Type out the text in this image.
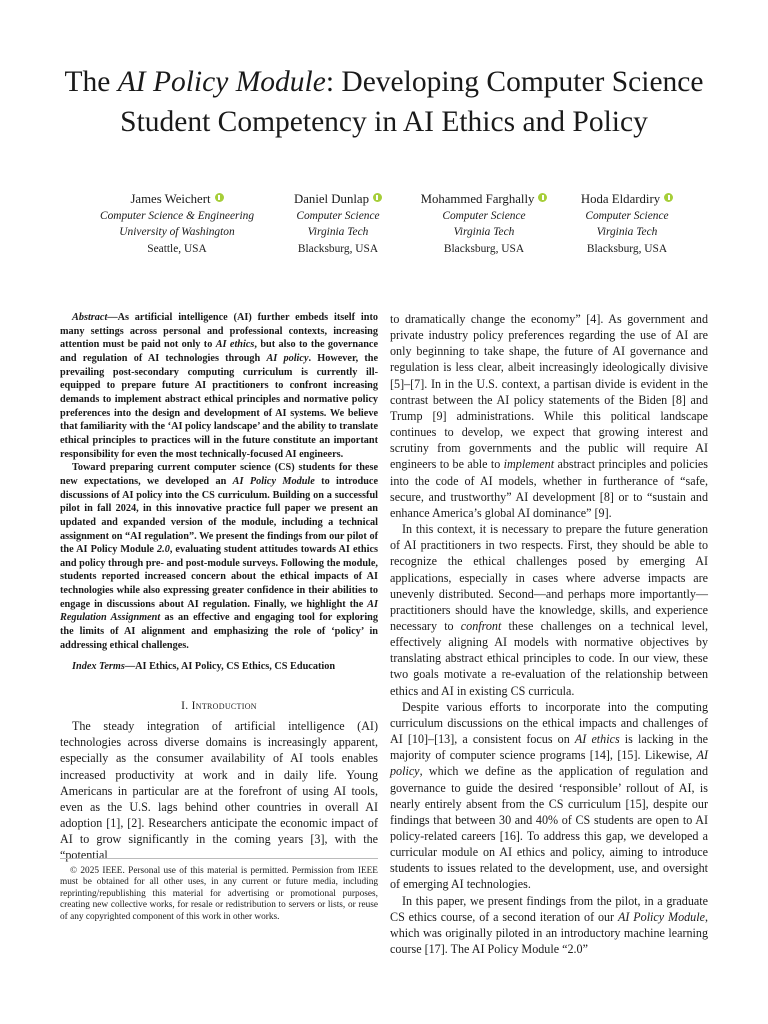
The AI Policy Module: Developing Computer Science Student Competency in AI Ethics and Policy
James Weichert
Computer Science & Engineering
University of Washington
Seattle, USA
Daniel Dunlap
Computer Science
Virginia Tech
Blacksburg, USA
Mohammed Farghally
Computer Science
Virginia Tech
Blacksburg, USA
Hoda Eldardiry
Computer Science
Virginia Tech
Blacksburg, USA

Abstract—As artificial intelligence (AI) further embeds itself into many settings across personal and professional contexts, increasing attention must be paid not only to AI ethics, but also to the governance and regulation of AI technologies through AI policy. However, the prevailing post-secondary computing curriculum is currently ill-equipped to prepare future AI practitioners to confront increasing demands to implement abstract ethical principles and normative policy preferences into the design and development of AI systems. We believe that familiarity with the ‘AI policy landscape’ and the ability to translate ethical principles to practices will in the future constitute an important responsibility for even the most technically-focused AI engineers.

Toward preparing current computer science (CS) students for these new expectations, we developed an AI Policy Module to introduce discussions of AI policy into the CS curriculum. Building on a successful pilot in fall 2024, in this innovative practice full paper we present an updated and expanded version of the module, including a technical assignment on “AI regulation”. We present the findings from our pilot of the AI Policy Module 2.0, evaluating student attitudes towards AI ethics and policy through pre- and post-module surveys. Following the module, students reported increased concern about the ethical impacts of AI technologies while also expressing greater confidence in their abilities to engage in discussions about AI regulation. Finally, we highlight the AI Regulation Assignment as an effective and engaging tool for exploring the limits of AI alignment and emphasizing the role of ‘policy’ in addressing ethical challenges.

Index Terms—AI Ethics, AI Policy, CS Ethics, CS Education

I. Introduction

The steady integration of artificial intelligence (AI) technologies across diverse domains is increasingly apparent, especially as the consumer availability of AI tools enables increased productivity at work and in daily life. Young Americans in particular are at the forefront of using AI tools, even as the U.S. lags behind other countries in overall AI adoption [1], [2]. Researchers anticipate the economic impact of AI to grow significantly in the coming years [3], with the “potential

© 2025 IEEE. Personal use of this material is permitted. Permission from IEEE must be obtained for all other uses, in any current or future media, including reprinting/republishing this material for advertising or promotional purposes, creating new collective works, for resale or redistribution to servers or lists, or reuse of any copyrighted component of this work in other works.

to dramatically change the economy” [4]. As government and private industry policy preferences regarding the use of AI are only beginning to take shape, the future of AI governance and regulation is less clear, albeit increasingly ideologically divisive [5]–[7]. In in the U.S. context, a partisan divide is evident in the contrast between the AI policy statements of the Biden [8] and Trump [9] administrations. While this political landscape continues to develop, we expect that growing interest and scrutiny from governments and the public will require AI engineers to be able to implement abstract principles and policies into the code of AI models, whether in furtherance of “safe, secure, and trustworthy” AI development [8] or to “sustain and enhance America’s global AI dominance” [9].

In this context, it is necessary to prepare the future generation of AI practitioners in two respects. First, they should be able to recognize the ethical challenges posed by emerging AI applications, especially in cases where adverse impacts are unevenly distributed. Second—and perhaps more importantly—practitioners should have the knowledge, skills, and experience necessary to confront these challenges on a technical level, effectively aligning AI models with normative objectives by translating abstract ethical principles to code. In our view, these two goals motivate a re-evaluation of the relationship between ethics and AI in existing CS curricula.

Despite various efforts to incorporate into the computing curriculum discussions on the ethical impacts and challenges of AI [10]–[13], a consistent focus on AI ethics is lacking in the majority of computer science programs [14], [15]. Likewise, AI policy, which we define as the application of regulation and governance to guide the desired ‘responsible’ rollout of AI, is nearly entirely absent from the CS curriculum [15], despite our findings that between 30 and 40% of CS students are open to AI policy-related careers [16]. To address this gap, we developed a curricular module on AI ethics and policy, aiming to introduce students to issues related to the development, use, and oversight of emerging AI technologies.

In this paper, we present findings from the pilot, in a graduate CS ethics course, of a second iteration of our AI Policy Module, which was originally piloted in an introductory machine learning course [17]. The AI Policy Module “2.0”
